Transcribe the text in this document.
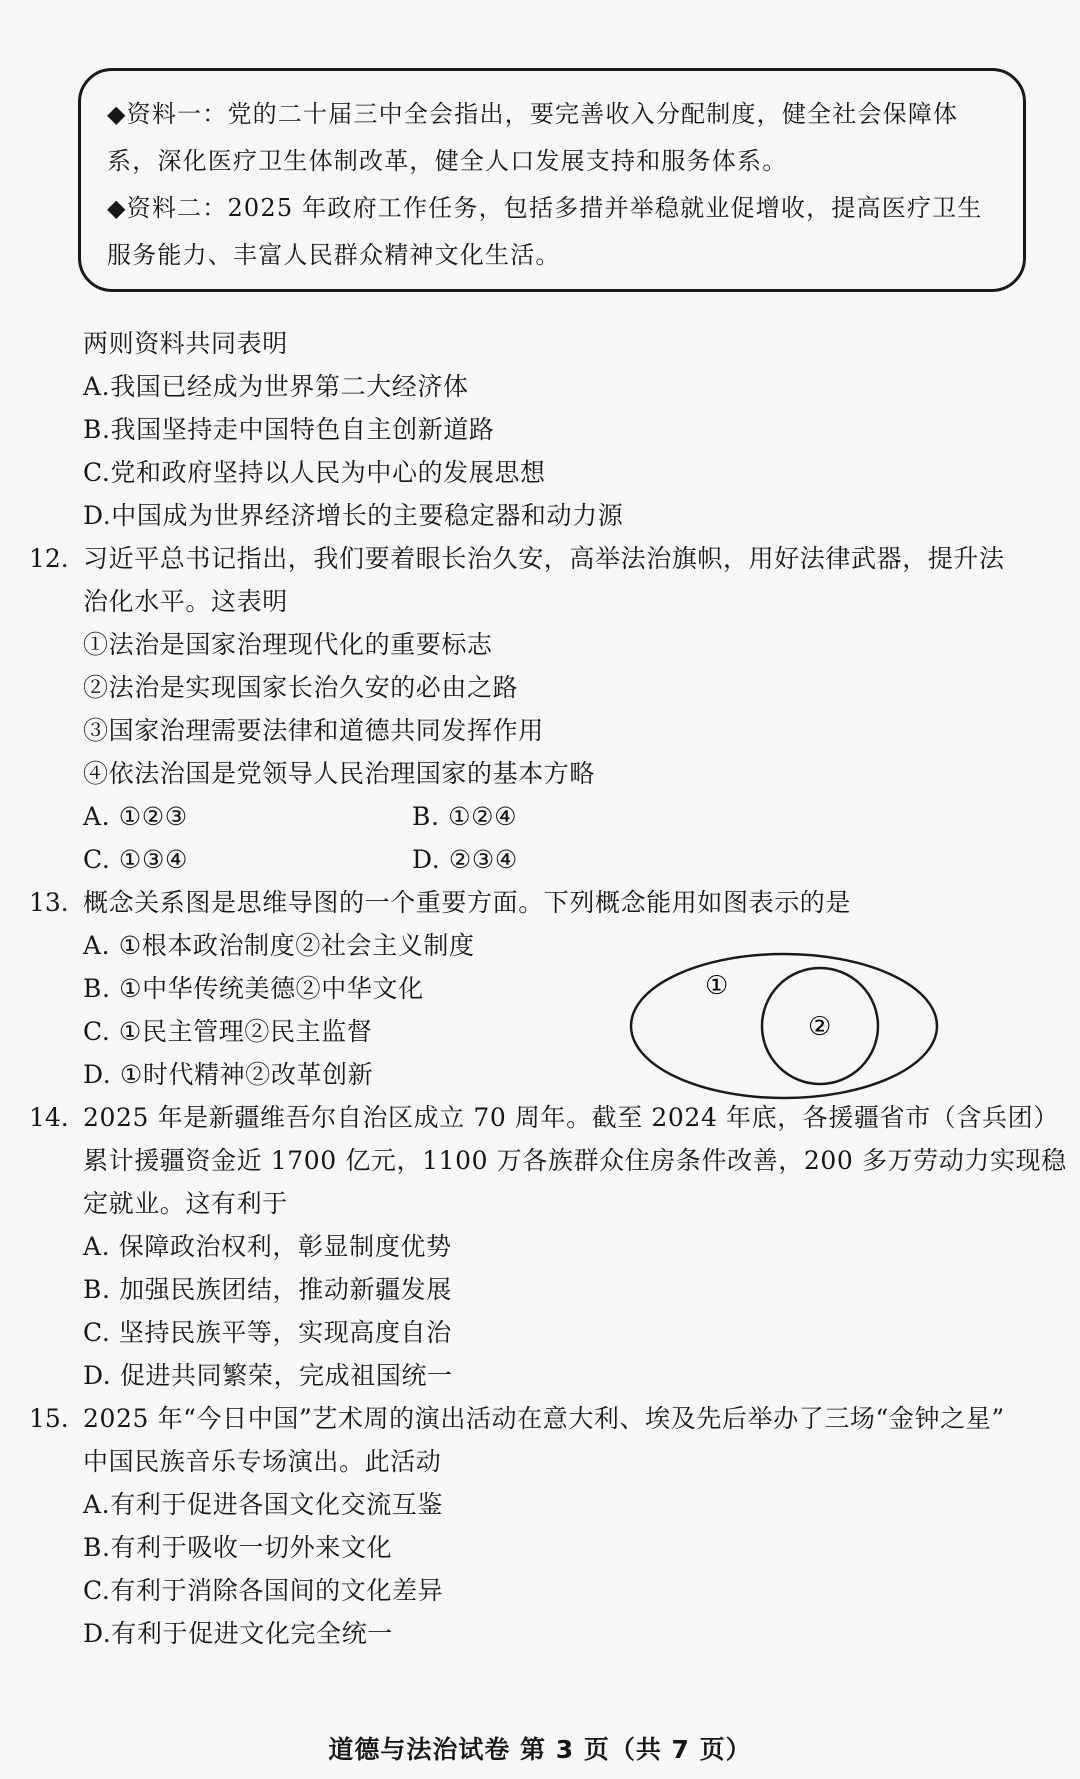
◆资料一：党的二十届三中全会指出，要完善收入分配制度，健全社会保障体
系，深化医疗卫生体制改革，健全人口发展支持和服务体系。
◆资料二：2025 年政府工作任务，包括多措并举稳就业促增收，提高医疗卫生
服务能力、丰富人民群众精神文化生活。
两则资料共同表明
A.我国已经成为世界第二大经济体
B.我国坚持走中国特色自主创新道路
C.党和政府坚持以人民为中心的发展思想
D.中国成为世界经济增长的主要稳定器和动力源
12. 习近平总书记指出，我们要着眼长治久安，高举法治旗帜，用好法律武器，提升法
治化水平。这表明
①法治是国家治理现代化的重要标志
②法治是实现国家长治久安的必由之路
③国家治理需要法律和道德共同发挥作用
④依法治国是党领导人民治理国家的基本方略
A. ①②③	B. ①②④
C. ①③④	D. ②③④
13. 概念关系图是思维导图的一个重要方面。下列概念能用如图表示的是
A. ①根本政治制度②社会主义制度
B. ①中华传统美德②中华文化
C. ①民主管理②民主监督
D. ①时代精神②改革创新
①
②
14. 2025 年是新疆维吾尔自治区成立 70 周年。截至 2024 年底，各援疆省市（含兵团）
累计援疆资金近 1700 亿元，1100 万各族群众住房条件改善，200 多万劳动力实现稳
定就业。这有利于
A. 保障政治权利，彰显制度优势
B. 加强民族团结，推动新疆发展
C. 坚持民族平等，实现高度自治
D. 促进共同繁荣，完成祖国统一
15. 2025 年“今日中国”艺术周的演出活动在意大利、埃及先后举办了三场“金钟之星”
中国民族音乐专场演出。此活动
A.有利于促进各国文化交流互鉴
B.有利于吸收一切外来文化
C.有利于消除各国间的文化差异
D.有利于促进文化完全统一
道德与法治试卷 第 3 页（共 7 页）
